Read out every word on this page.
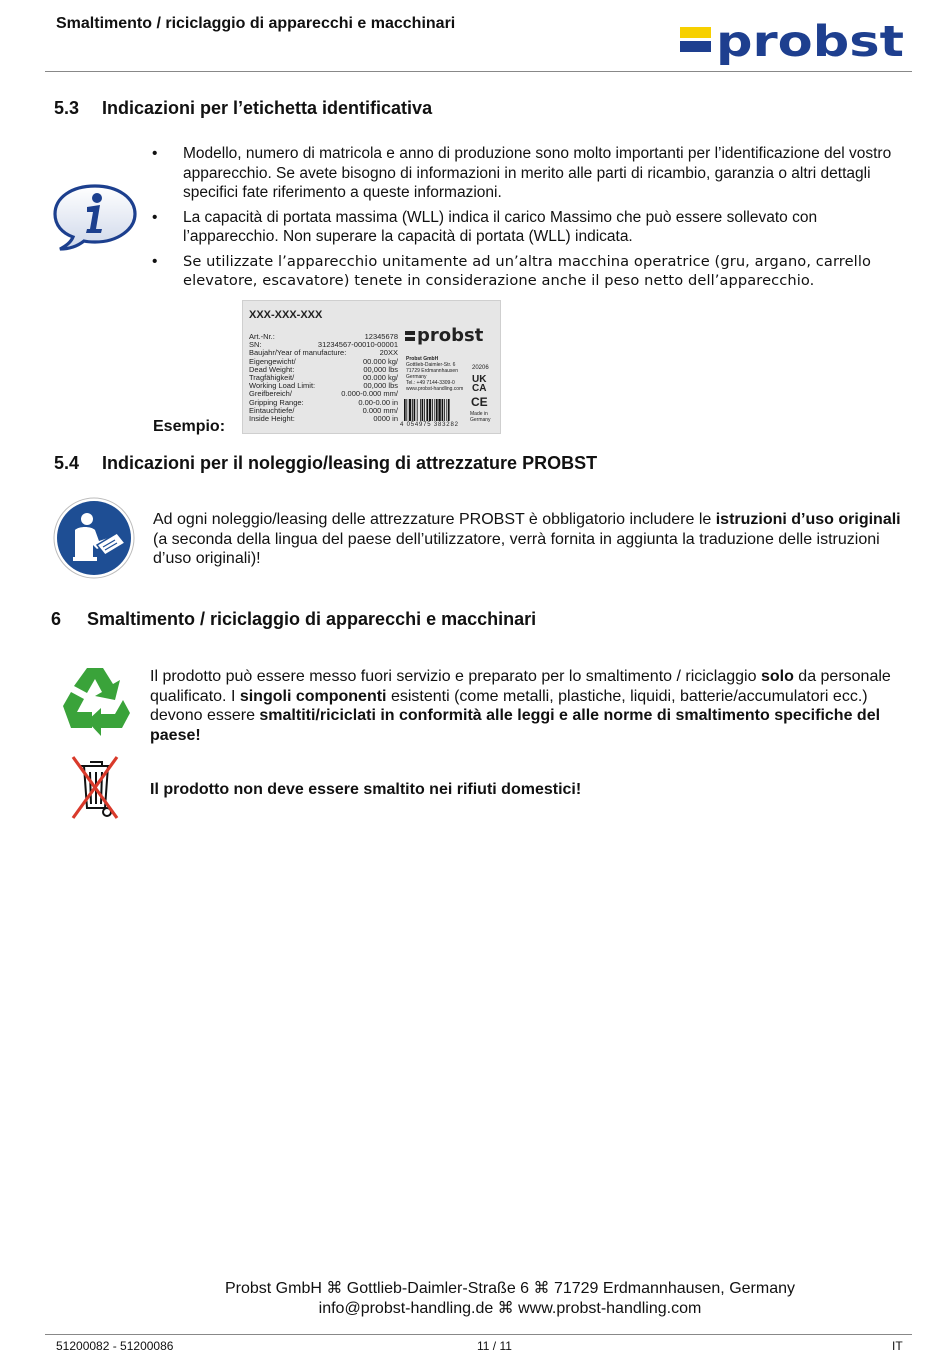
Smaltimento / riciclaggio di apparecchi e macchinari	probst
5.3 Indicazioni per l’etichetta identificativa
• Modello, numero di matricola e anno di produzione sono molto importanti per l’identificazione del vostro apparecchio. Se avete bisogno di informazioni in merito alle parti di ricambio, garanzia o altri dettagli specifici fate riferimento a queste informazioni.
• La capacità di portata massima (WLL) indica il carico Massimo che può essere sollevato con l’apparecchio. Non superare la capacità di portata (WLL) indicata.
• Se utilizzate l’apparecchio unitamente ad un’altra macchina operatrice (gru, argano, carrello elevatore, escavatore) tenete in considerazione anche il peso netto dell’apparecchio.
Esempio:
XXX-XXX-XXX
Art.-Nr.:	12345678
SN:	31234567-00010-00001
Baujahr/Year of manufacture:	20XX
Eigengewicht/	00.000 kg/
Dead Weight:	00,000 lbs
Tragfähigkeit/	00.000 kg/
Working Load Limit:	00,000 lbs
Greifbereich/	0.000-0.000 mm/
Gripping Range:	0.00-0.00 in
Eintauchtiefe/	0.000 mm/
Inside Height:	0000 in
probst
Probst GmbH
Gottlieb-Daimler-Str. 6
71729 Erdmannhausen
Germany
Tel.: +49 7144-3309-0
www.probst-handling.com
20206
UK
CA
CE
Made in
Germany
4 054975 383282
5.4 Indicazioni per il noleggio/leasing di attrezzature PROBST
Ad ogni noleggio/leasing delle attrezzature PROBST è obbligatorio includere le istruzioni d’uso originali (a seconda della lingua del paese dell’utilizzatore, verrà fornita in aggiunta la traduzione delle istruzioni d’uso originali)!
6 Smaltimento / riciclaggio di apparecchi e macchinari
Il prodotto può essere messo fuori servizio e preparato per lo smaltimento / riciclaggio solo da personale qualificato. I singoli componenti esistenti (come metalli, plastiche, liquidi, batterie/accumulatori ecc.) devono essere smaltiti/riciclati in conformità alle leggi e alle norme di smaltimento specifiche del paese!
Il prodotto non deve essere smaltito nei rifiuti domestici!
Probst GmbH ⌘ Gottlieb-Daimler-Straße 6 ⌘ 71729 Erdmannhausen, Germany
info@probst-handling.de ⌘ www.probst-handling.com
51200082 - 51200086	11 / 11	IT
